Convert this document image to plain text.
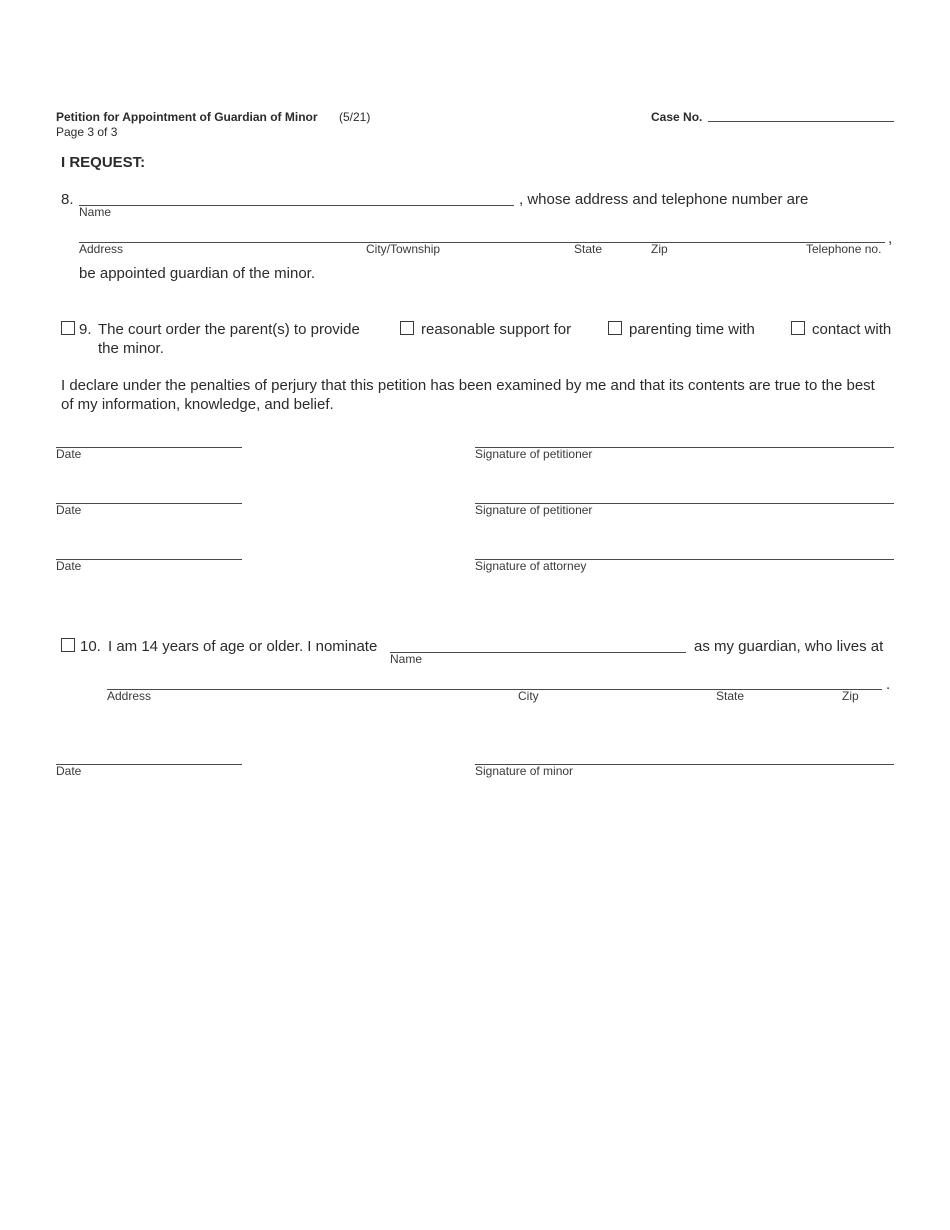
Petition for Appointment of Guardian of Minor (5/21)
Page 3 of 3
Case No.
I REQUEST:
8.	, whose address and telephone number are
Name
,
Address	City/Township	State	Zip	Telephone no.
be appointed guardian of the minor.
9. The court order the parent(s) to provide
the minor.
reasonable support for	parenting time with	contact with
I declare under the penalties of perjury that this petition has been examined by me and that its contents are true to the best
of my information, knowledge, and belief.
Date	Signature of petitioner
Date	Signature of petitioner
Date	Signature of attorney
10. I am 14 years of age or older. I nominate
Name
as my guardian, who lives at
.
Address	City	State	Zip
Date	Signature of minor
